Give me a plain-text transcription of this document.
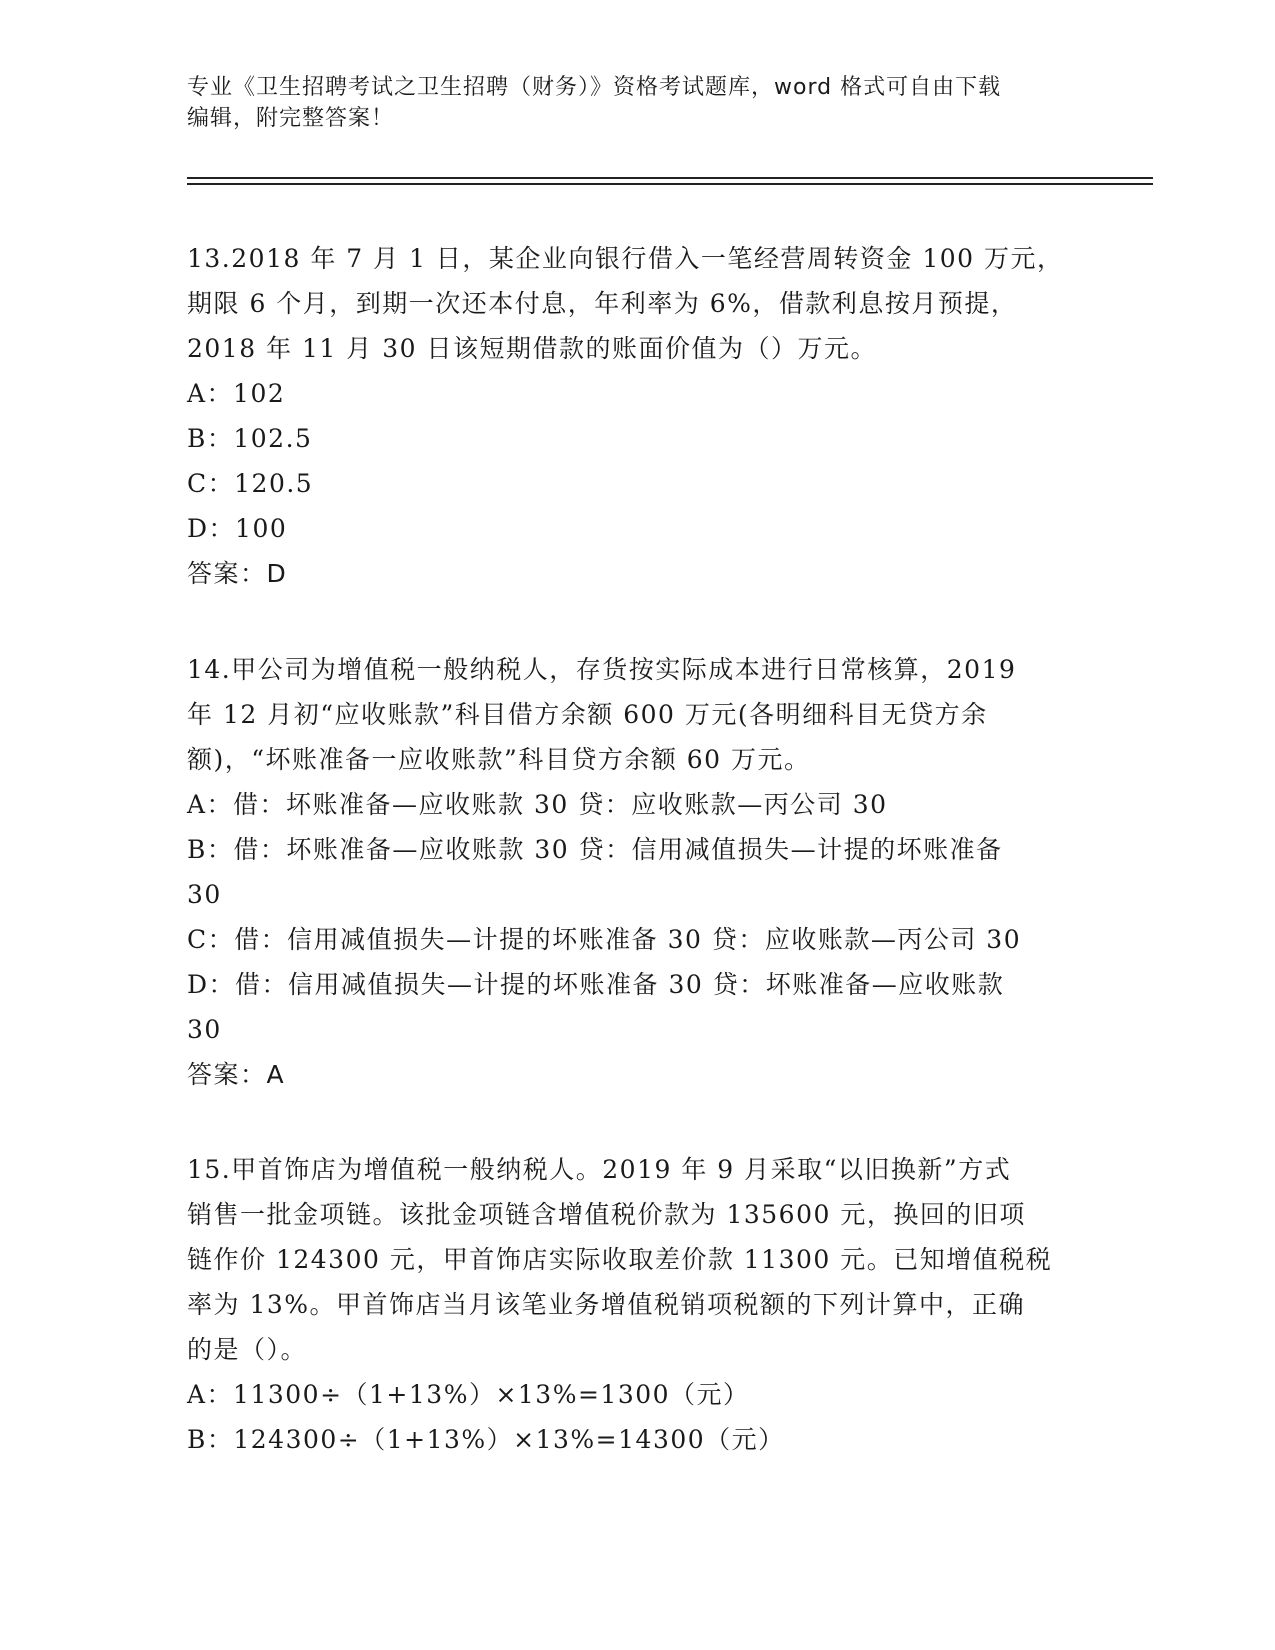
专业《卫生招聘考试之卫生招聘（财务）》资格考试题库，word 格式可自由下载
编辑，附完整答案！
13.2018 年 7 月 1 日，某企业向银行借入一笔经营周转资金 100 万元，
期限 6 个月，到期一次还本付息，年利率为 6%，借款利息按月预提，
2018 年 11 月 30 日该短期借款的账面价值为（）万元。
A：102
B：102.5
C：120.5
D：100
答案：D
14.甲公司为增值税一般纳税人，存货按实际成本进行日常核算，2019
年 12 月初“应收账款”科目借方余额 600 万元(各明细科目无贷方余
额)，“坏账准备一应收账款”科目贷方余额 60 万元。
A：借：坏账准备—应收账款 30 贷：应收账款—丙公司 30
B：借：坏账准备—应收账款 30 贷：信用减值损失—计提的坏账准备
30
C：借：信用减值损失—计提的坏账准备 30 贷：应收账款—丙公司 30
D：借：信用减值损失—计提的坏账准备 30 贷：坏账准备—应收账款
30
答案：A
15.甲首饰店为增值税一般纳税人。2019 年 9 月采取“以旧换新”方式
销售一批金项链。该批金项链含增值税价款为 135600 元，换回的旧项
链作价 124300 元，甲首饰店实际收取差价款 11300 元。已知增值税税
率为 13%。甲首饰店当月该笔业务增值税销项税额的下列计算中，正确
的是（）。
A：11300÷（1+13%）×13%=1300（元）
B：124300÷（1+13%）×13%=14300（元）
